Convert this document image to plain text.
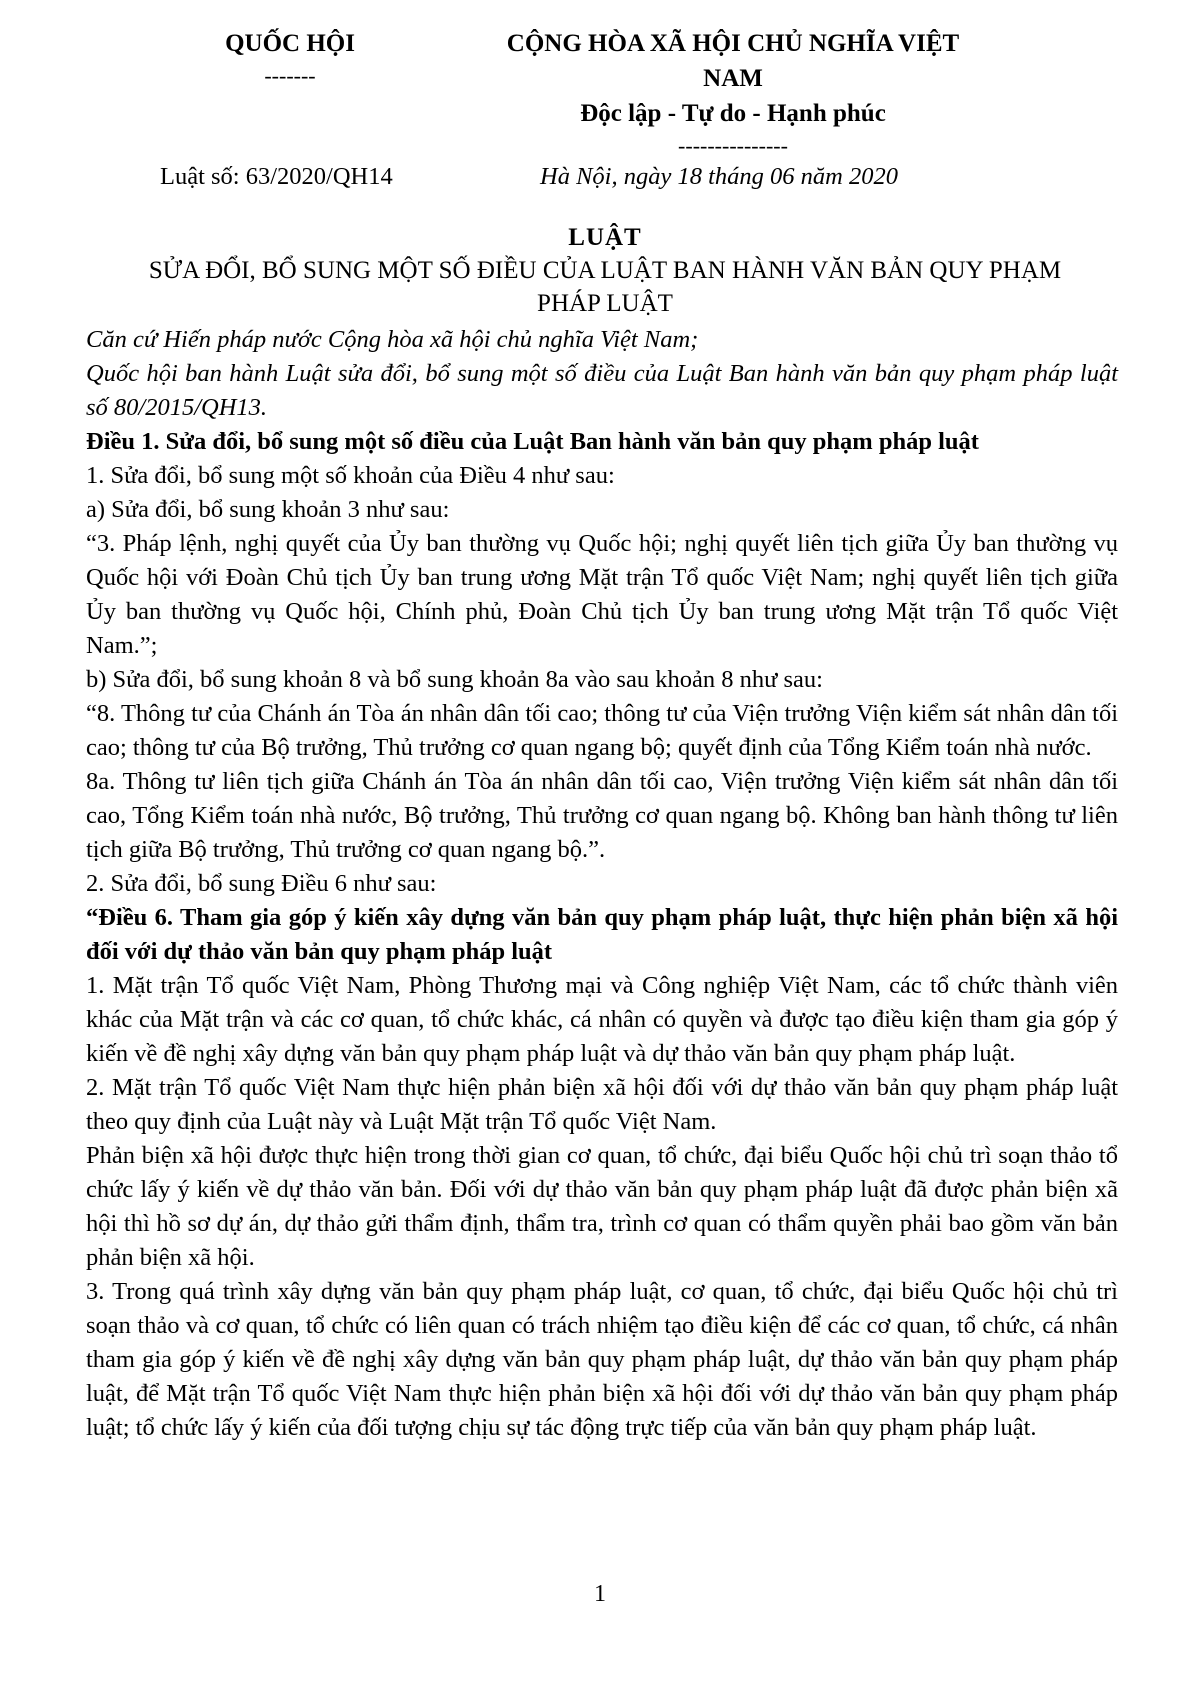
QUỐC HỘI
-------
CỘNG HÒA XÃ HỘI CHỦ NGHĨA VIỆT
NAM
Độc lập - Tự do - Hạnh phúc
---------------
Luật số: 63/2020/QH14	Hà Nội, ngày 18 tháng 06 năm 2020
LUẬT
SỬA ĐỔI, BỔ SUNG MỘT SỐ ĐIỀU CỦA LUẬT BAN HÀNH VĂN BẢN QUY PHẠM
PHÁP LUẬT

Căn cứ Hiến pháp nước Cộng hòa xã hội chủ nghĩa Việt Nam;

Quốc hội ban hành Luật sửa đổi, bổ sung một số điều của Luật Ban hành văn bản quy phạm pháp luật số 80/2015/QH13.

Điều 1. Sửa đổi, bổ sung một số điều của Luật Ban hành văn bản quy phạm pháp luật

1. Sửa đổi, bổ sung một số khoản của Điều 4 như sau:

a) Sửa đổi, bổ sung khoản 3 như sau:

“3. Pháp lệnh, nghị quyết của Ủy ban thường vụ Quốc hội; nghị quyết liên tịch giữa Ủy ban thường vụ Quốc hội với Đoàn Chủ tịch Ủy ban trung ương Mặt trận Tổ quốc Việt Nam; nghị quyết liên tịch giữa Ủy ban thường vụ Quốc hội, Chính phủ, Đoàn Chủ tịch Ủy ban trung ương Mặt trận Tổ quốc Việt Nam.”;

b) Sửa đổi, bổ sung khoản 8 và bổ sung khoản 8a vào sau khoản 8 như sau:

“8. Thông tư của Chánh án Tòa án nhân dân tối cao; thông tư của Viện trưởng Viện kiểm sát nhân dân tối cao; thông tư của Bộ trưởng, Thủ trưởng cơ quan ngang bộ; quyết định của Tổng Kiểm toán nhà nước.

8a. Thông tư liên tịch giữa Chánh án Tòa án nhân dân tối cao, Viện trưởng Viện kiểm sát nhân dân tối cao, Tổng Kiểm toán nhà nước, Bộ trưởng, Thủ trưởng cơ quan ngang bộ. Không ban hành thông tư liên tịch giữa Bộ trưởng, Thủ trưởng cơ quan ngang bộ.”.

2. Sửa đổi, bổ sung Điều 6 như sau:

“Điều 6. Tham gia góp ý kiến xây dựng văn bản quy phạm pháp luật, thực hiện phản biện xã hội đối với dự thảo văn bản quy phạm pháp luật

1. Mặt trận Tổ quốc Việt Nam, Phòng Thương mại và Công nghiệp Việt Nam, các tổ chức thành viên khác của Mặt trận và các cơ quan, tổ chức khác, cá nhân có quyền và được tạo điều kiện tham gia góp ý kiến về đề nghị xây dựng văn bản quy phạm pháp luật và dự thảo văn bản quy phạm pháp luật.

2. Mặt trận Tổ quốc Việt Nam thực hiện phản biện xã hội đối với dự thảo văn bản quy phạm pháp luật theo quy định của Luật này và Luật Mặt trận Tổ quốc Việt Nam.

Phản biện xã hội được thực hiện trong thời gian cơ quan, tổ chức, đại biểu Quốc hội chủ trì soạn thảo tổ chức lấy ý kiến về dự thảo văn bản. Đối với dự thảo văn bản quy phạm pháp luật đã được phản biện xã hội thì hồ sơ dự án, dự thảo gửi thẩm định, thẩm tra, trình cơ quan có thẩm quyền phải bao gồm văn bản phản biện xã hội.

3. Trong quá trình xây dựng văn bản quy phạm pháp luật, cơ quan, tổ chức, đại biểu Quốc hội chủ trì soạn thảo và cơ quan, tổ chức có liên quan có trách nhiệm tạo điều kiện để các cơ quan, tổ chức, cá nhân tham gia góp ý kiến về đề nghị xây dựng văn bản quy phạm pháp luật, dự thảo văn bản quy phạm pháp luật, để Mặt trận Tổ quốc Việt Nam thực hiện phản biện xã hội đối với dự thảo văn bản quy phạm pháp luật; tổ chức lấy ý kiến của đối tượng chịu sự tác động trực tiếp của văn bản quy phạm pháp luật.

1
